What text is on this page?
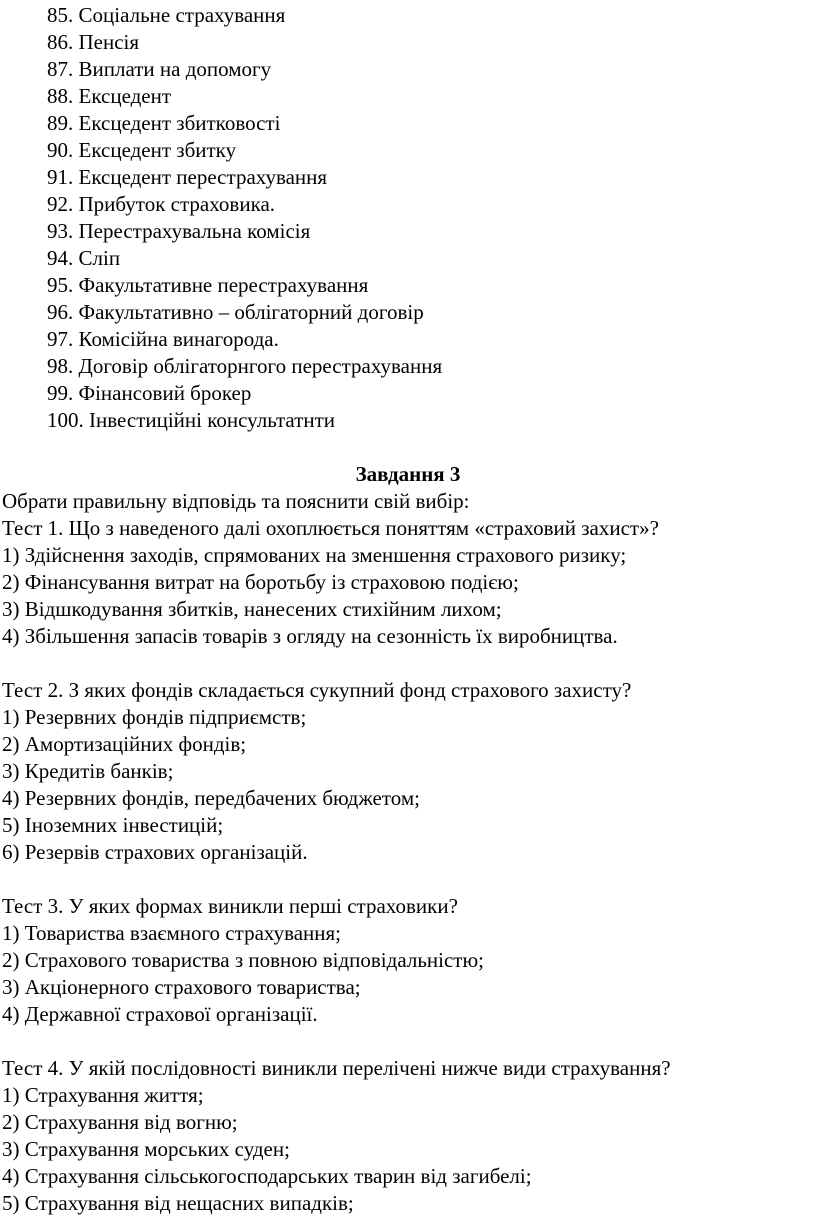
85. Соціальне страхування
86. Пенсія
87. Виплати на допомогу
88. Ексцедент
89. Ексцедент збитковості
90. Ексцедент збитку
91. Ексцедент перестрахування
92. Прибуток страховика.
93. Перестрахувальна комісія
94. Сліп
95. Факультативне перестрахування
96. Факультативно – облігаторний договір
97. Комісійна винагорода.
98. Договір облігаторнгого перестрахування
99. Фінансовий брокер
100. Інвестиційні консультатнти
Завдання 3
Обрати правильну відповідь та пояснити свій вибір:
Тест 1. Що з наведеного далі охоплюється поняттям «страховий захист»?
1) Здійснення заходів, спрямованих на зменшення страхового ризику;
2) Фінансування витрат на боротьбу із страховою подією;
3) Відшкодування збитків, нанесених стихійним лихом;
4) Збільшення запасів товарів з огляду на сезонність їх виробництва.
Тест 2. З яких фондів складається сукупний фонд страхового захисту?
1) Резервних фондів підприємств;
2) Амортизаційних фондів;
3) Кредитів банків;
4) Резервних фондів, передбачених бюджетом;
5) Іноземних інвестицій;
6) Резервів страхових організацій.
Тест 3. У яких формах виникли перші страховики?
1) Товариства взаємного страхування;
2) Страхового товариства з повною відповідальністю;
3) Акціонерного страхового товариства;
4) Державної страхової організації.
Тест 4. У якій послідовності виникли перелічені нижче види страхування?
1) Страхування життя;
2) Страхування від вогню;
3) Страхування морських суден;
4) Страхування сільськогосподарських тварин від загибелі;
5) Страхування від нещасних випадків;
